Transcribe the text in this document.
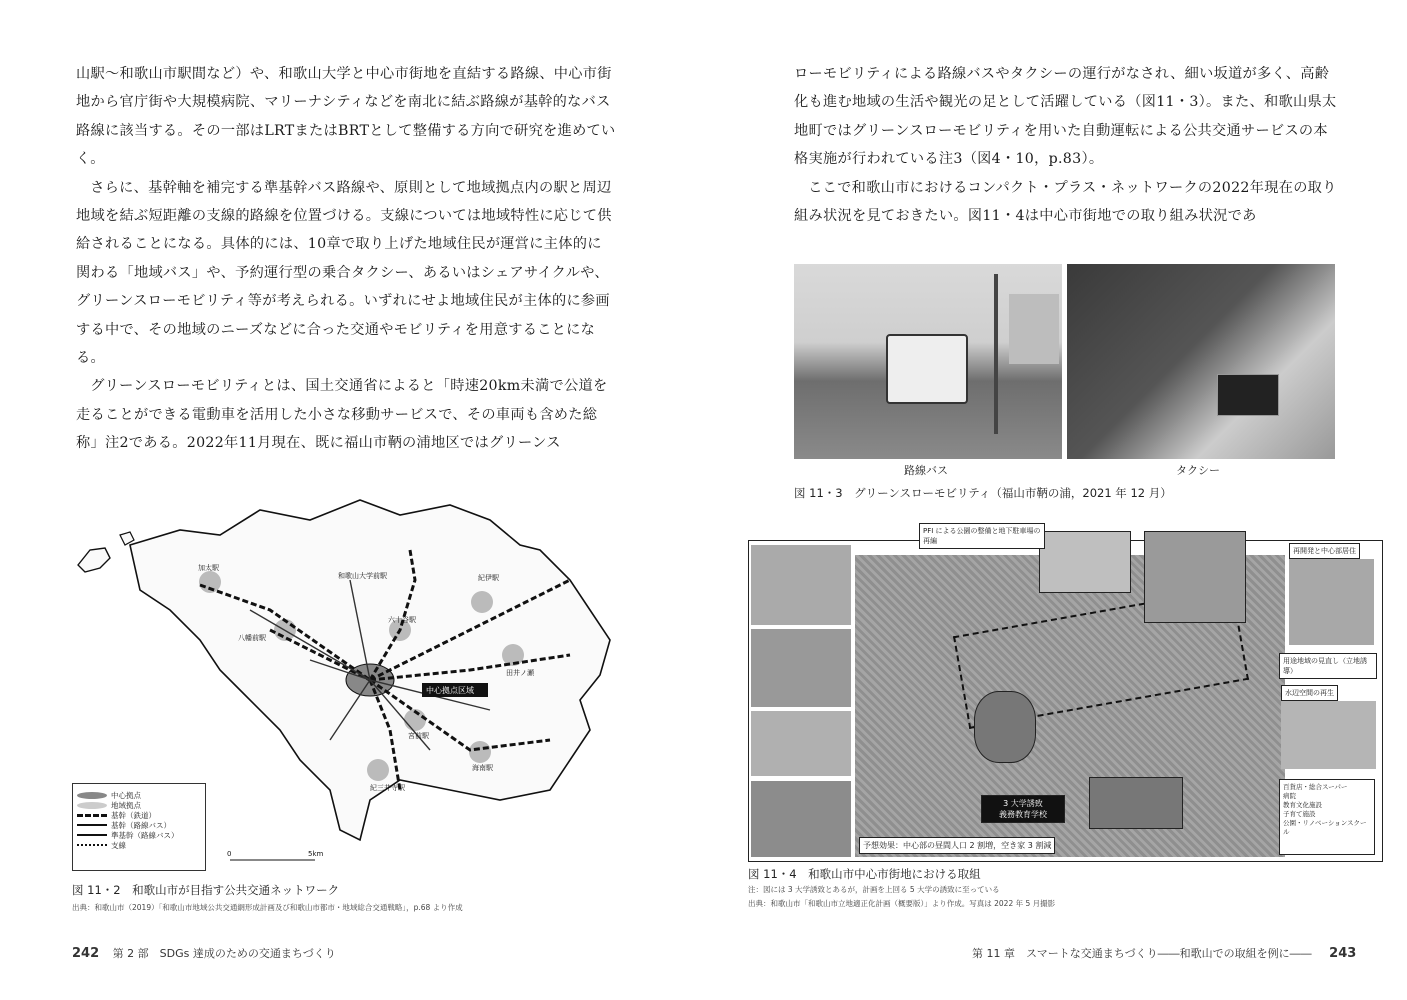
山駅〜和歌山市駅間など）や、和歌山大学と中心市街地を直結する路線、中心市街地から官庁街や大規模病院、マリーナシティなどを南北に結ぶ路線が基幹的なバス路線に該当する。その一部はLRTまたはBRTとして整備する方向で研究を進めていく。

さらに、基幹軸を補完する準基幹バス路線や、原則として地域拠点内の駅と周辺地域を結ぶ短距離の支線的路線を位置づける。支線については地域特性に応じて供給されることになる。具体的には、10章で取り上げた地域住民が運営に主体的に関わる「地域バス」や、予約運行型の乗合タクシー、あるいはシェアサイクルや、グリーンスローモビリティ等が考えられる。いずれにせよ地域住民が主体的に参画する中で、その地域のニーズなどに合った交通やモビリティを用意することになる。

グリーンスローモビリティとは、国土交通省によると「時速20km未満で公道を走ることができる電動車を活用した小さな移動サービスで、その車両も含めた総称」注2である。2022年11月現在、既に福山市鞆の浦地区ではグリーンス

加太駅
和歌山大学前駅	紀伊駅
六十谷駅
八幡前駅
田井ノ瀬
中心拠点区域
宮前駅
海南駅
紀三井寺駅
0	5km
中心拠点
地域拠点
基幹（鉄道）
基幹（路線バス）
準基幹（路線バス）
支線
図 11・2　和歌山市が目指す公共交通ネットワーク
出典：和歌山市（2019）「和歌山市地域公共交通網形成計画及び和歌山市都市・地域総合交通戦略」，p.68 より作成
242 第 2 部　SDGs 達成のための交通まちづくり

ローモビリティによる路線バスやタクシーの運行がなされ、細い坂道が多く、高齢化も進む地域の生活や観光の足として活躍している（図11・3）。また、和歌山県太地町ではグリーンスローモビリティを用いた自動運転による公共交通サービスの本格実施が行われている注3（図4・10，p.83）。

ここで和歌山市におけるコンパクト・プラス・ネットワークの2022年現在の取り組み状況を見ておきたい。図11・4は中心市街地での取り組み状況であ

路線バス	タクシー
図 11・3　グリーンスローモビリティ（福山市鞆の浦，2021 年 12 月）
PFI による公園の整備と地下駐車場の再編
再開発と中心部居住
用途地域の見直し（立地誘導）
水辺空間の再生
3 大学誘致
義務教育学校
予想効果：中心部の昼間人口 2 割増，空き家 3 割減
百貨店・総合スーパー
病院
教育文化施設
子育て施設
公園・リノベーションスクール
図 11・4　和歌山市中心市街地における取組
注：図には 3 大学誘致とあるが，計画を上回る 5 大学の誘致に至っている
出典：和歌山市「和歌山市立地適正化計画（概要版）」より作成。写真は 2022 年 5 月撮影
第 11 章　スマートな交通まちづくり――和歌山での取組を例に―― 243
